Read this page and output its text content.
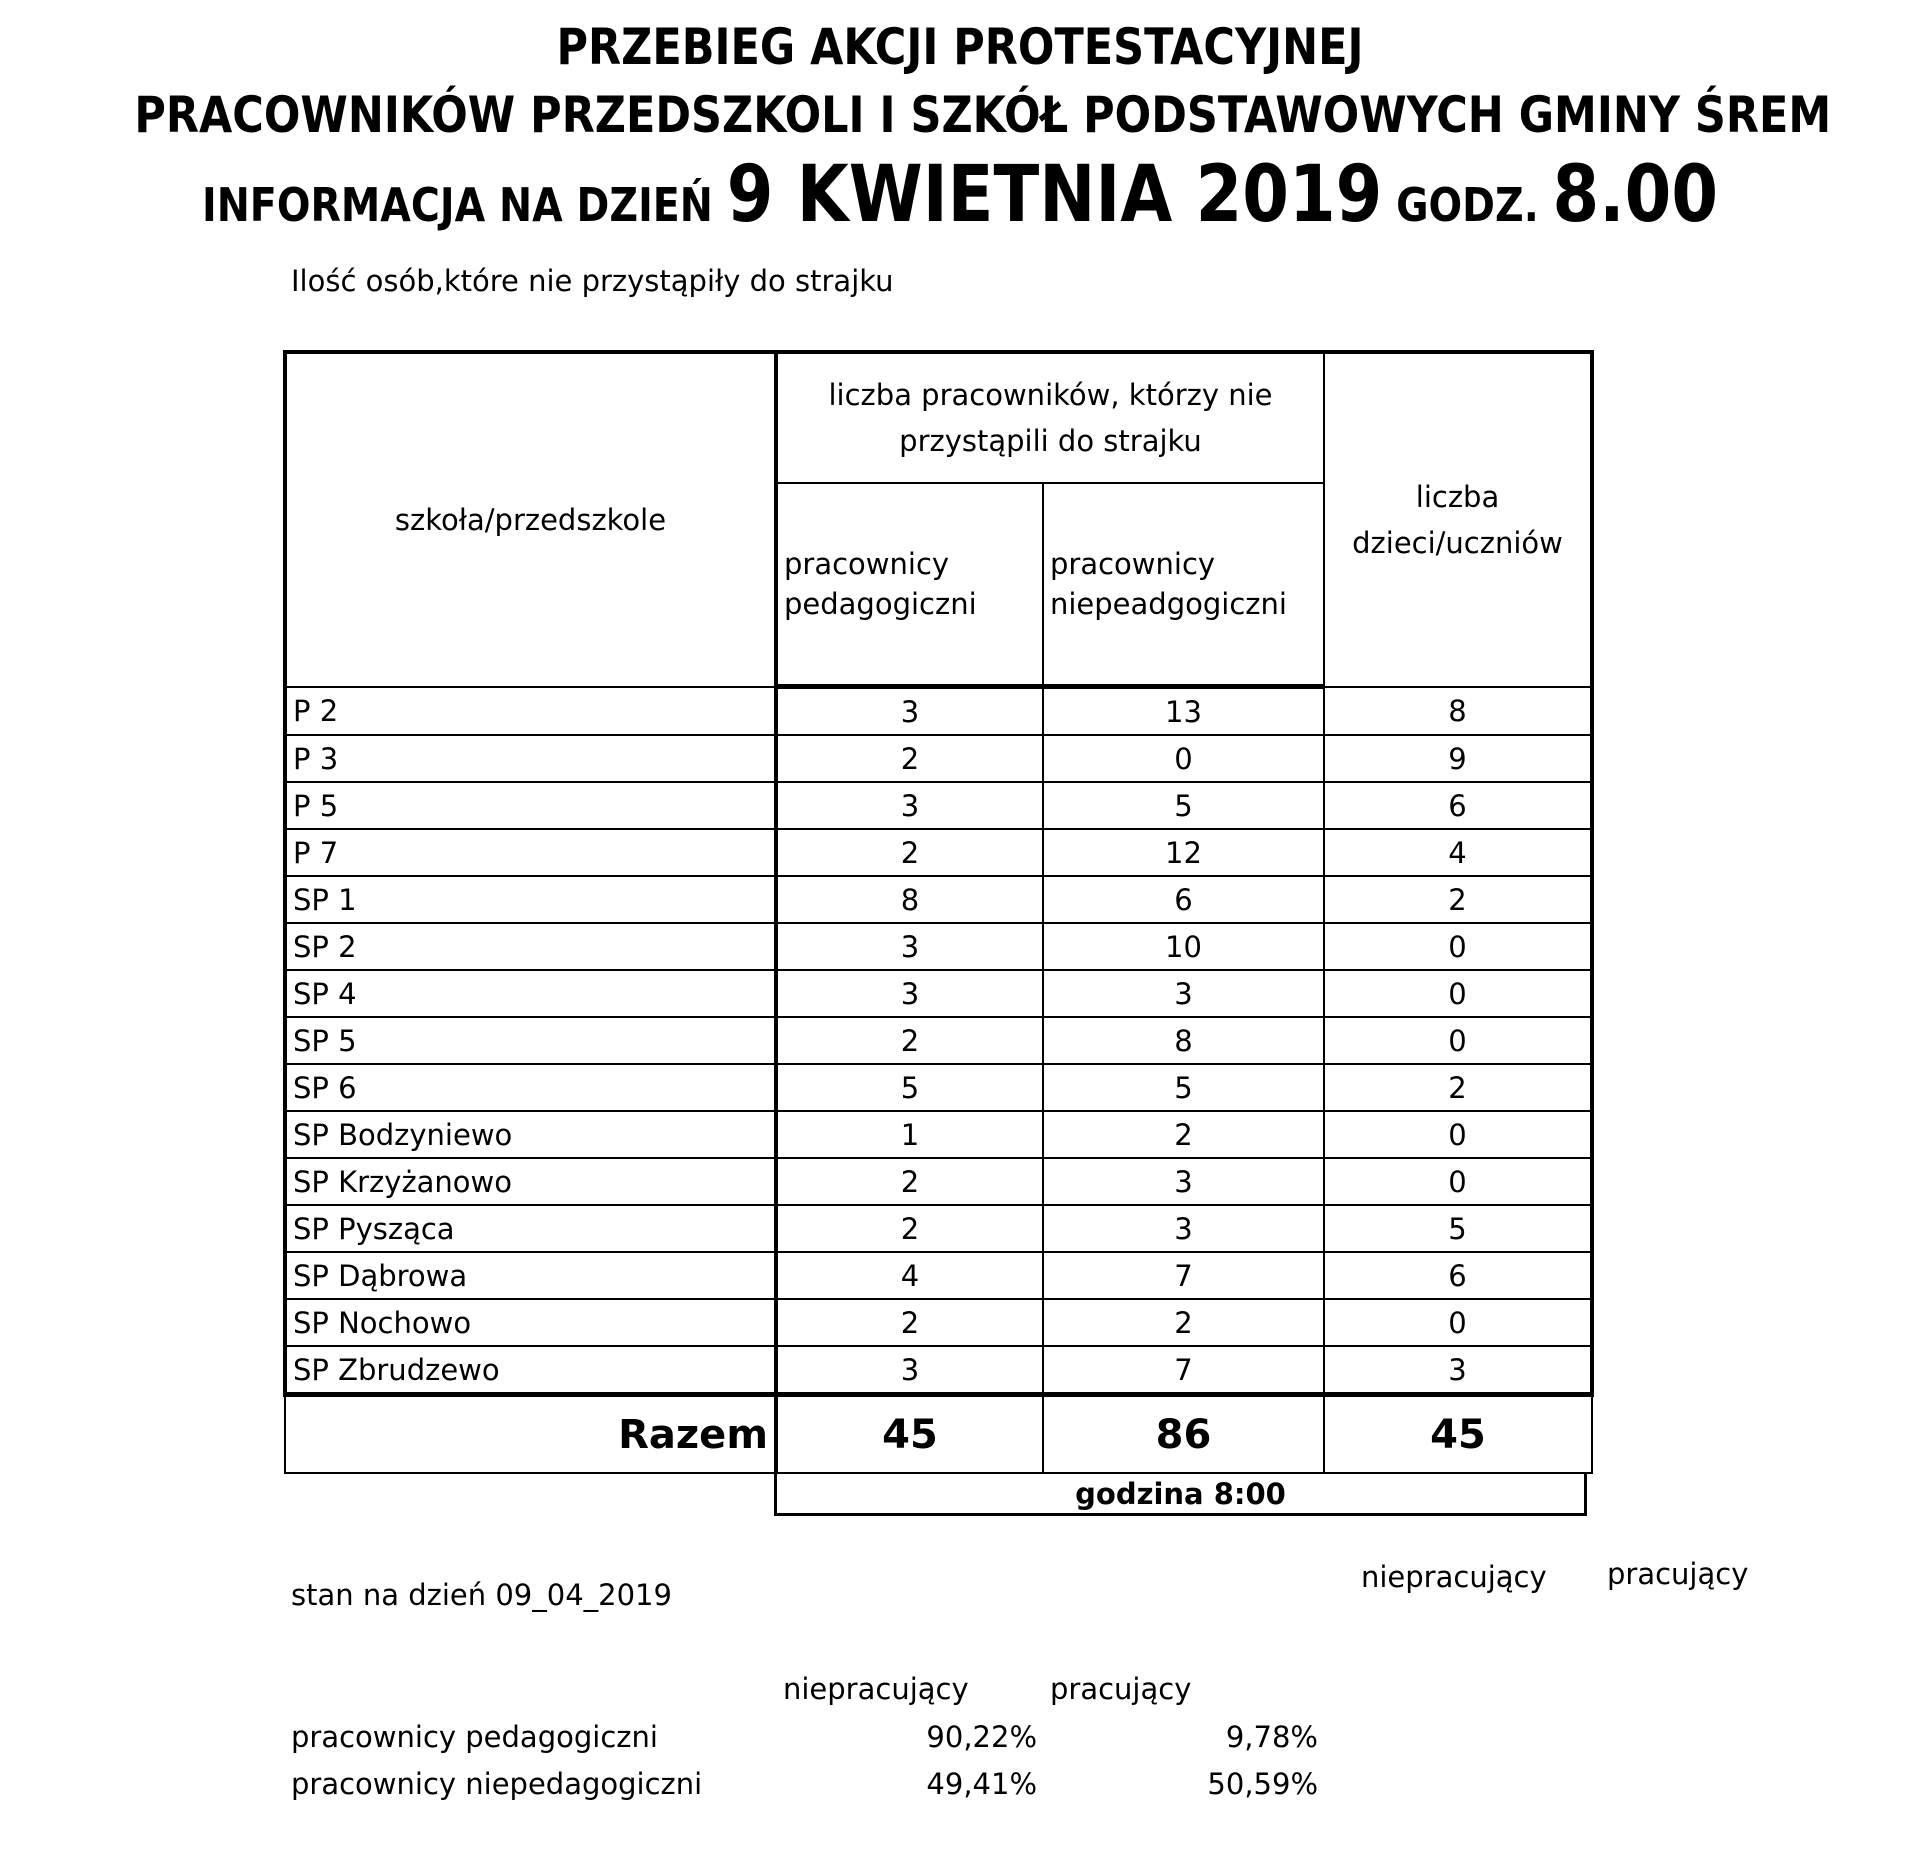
PRZEBIEG AKCJI PROTESTACYJNEJ
PRACOWNIKÓW PRZEDSZKOLI I SZKÓŁ PODSTAWOWYCH GMINY ŚREM
INFORMACJA NA DZIEŃ 9 KWIETNIA 2019 GODZ. 8.00
Ilość osób,które nie przystąpiły do strajku
szkoła/przedszkole	liczba pracowników, którzy nie przystąpili do strajku		liczba dzieci/uczniów
	pracownicy pedagogiczni	pracownicy niepeadgogiczni	
P 2	3	13	8
P 3	2	0	9
P 5	3	5	6
P 7	2	12	4
SP 1	8	6	2
SP 2	3	10	0
SP 4	3	3	0
SP 5	2	8	0
SP 6	5	5	2
SP Bodzyniewo	1	2	0
SP Krzyżanowo	2	3	0
SP Pysząca	2	3	5
SP Dąbrowa	4	7	6
SP Nochowo	2	2	0
SP Zbrudzewo	3	7	3
Razem	45	86	45
godzina 8:00
niepracujący pracujący
stan na dzień 09_04_2019
niepracujący	pracujący
pracownicy pedagogiczni	90,22%	9,78%
pracownicy niepedagogiczni	49,41%	50,59%
